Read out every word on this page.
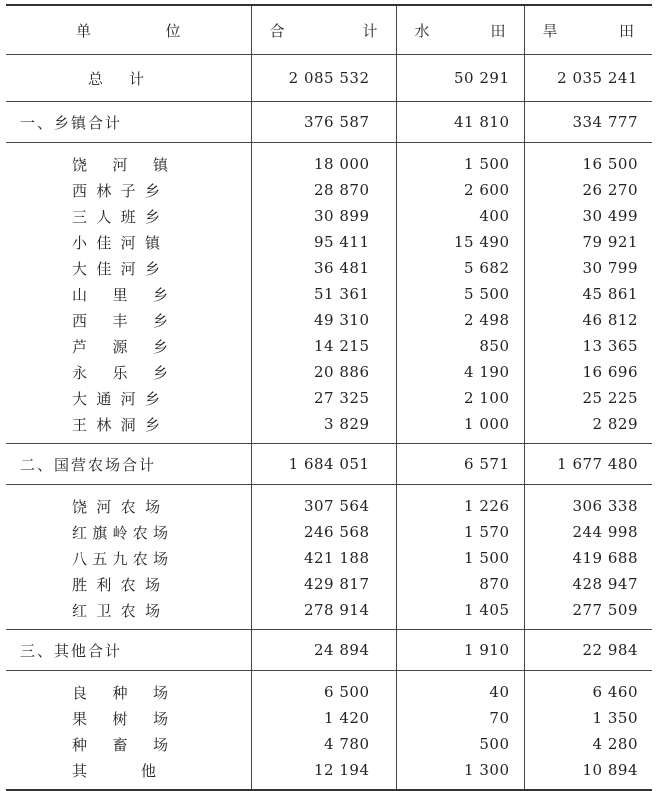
单 位	合 计	水 田	旱 田

总计	2 085 532	50 291	2 035 241
一、乡镇合计	376 587	41 810	334 777

饶 河 镇	18 000	1 500	16 500

西 林 子 乡	28 870	2 600	26 270

三 人 班 乡	30 899	400	30 499

小 佳 河 镇	95 411	15 490	79 921

大 佳 河 乡	36 481	5 682	30 799

山 里 乡	51 361	5 500	45 861

西 丰 乡	49 310	2 498	46 812

芦 源 乡	14 215	850	13 365

永 乐 乡	20 886	4 190	16 696

大 通 河 乡	27 325	2 100	25 225

王 林 洞 乡	3 829	1 000	2 829
二、国营农场合计	1 684 051	6 571	1 677 480

饶 河 农 场	307 564	1 226	306 338

红 旗 岭 农 场	246 568	1 570	244 998

八 五 九 农 场	421 188	1 500	419 688

胜 利 农 场	429 817	870	428 947

红 卫 农 场	278 914	1 405	277 509
三、其他合计	24 894	1 910	22 984

良 种 场	6 500	40	6 460

果 树 场	1 420	70	1 350

种 畜 场	4 780	500	4 280

其 他	12 194	1 300	10 894
